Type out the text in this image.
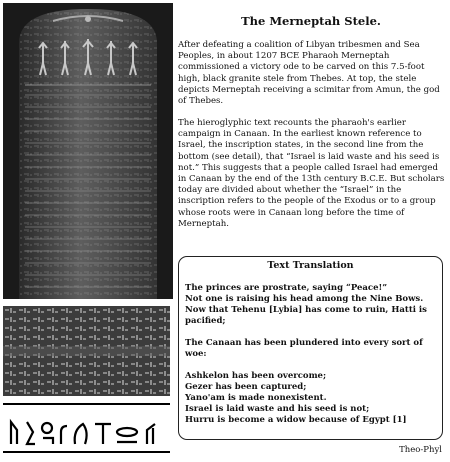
The Merneptah Stele.

After defeating a coalition of Libyan tribesmen and Sea Peoples, in about 1207 BCE Pharaoh Merneptah commissioned a victory ode to be carved on this 7.5-foot high, black granite stele from Thebes. At top, the stele depicts Merneptah receiving a scimitar from Amun, the god of Thebes.

The hieroglyphic text recounts the pharaoh's earlier campaign in Canaan. In the earliest known reference to Israel, the inscription states, in the second line from the bottom (see detail), that “Israel is laid waste and his seed is not.” This suggests that a people called Israel had emerged in Canaan by the end of the 13th century B.C.E. But scholars today are divided about whether the “Israel” in the inscription refers to the people of the Exodus or to a group whose roots were in Canaan long before the time of Merneptah.

Text Translation
The princes are prostrate, saying “Peace!”
Not one is raising his head among the Nine Bows.
Now that Tehenu [Lybia] has come to ruin, Hatti is pacified;
The Canaan has been plundered into every sort of woe:
Ashkelon has been overcome;
Gezer has been captured;
Yano'am is made nonexistent.
Israel is laid waste and his seed is not;
Hurru is become a widow because of Egypt [1]
Theo-Phyl
